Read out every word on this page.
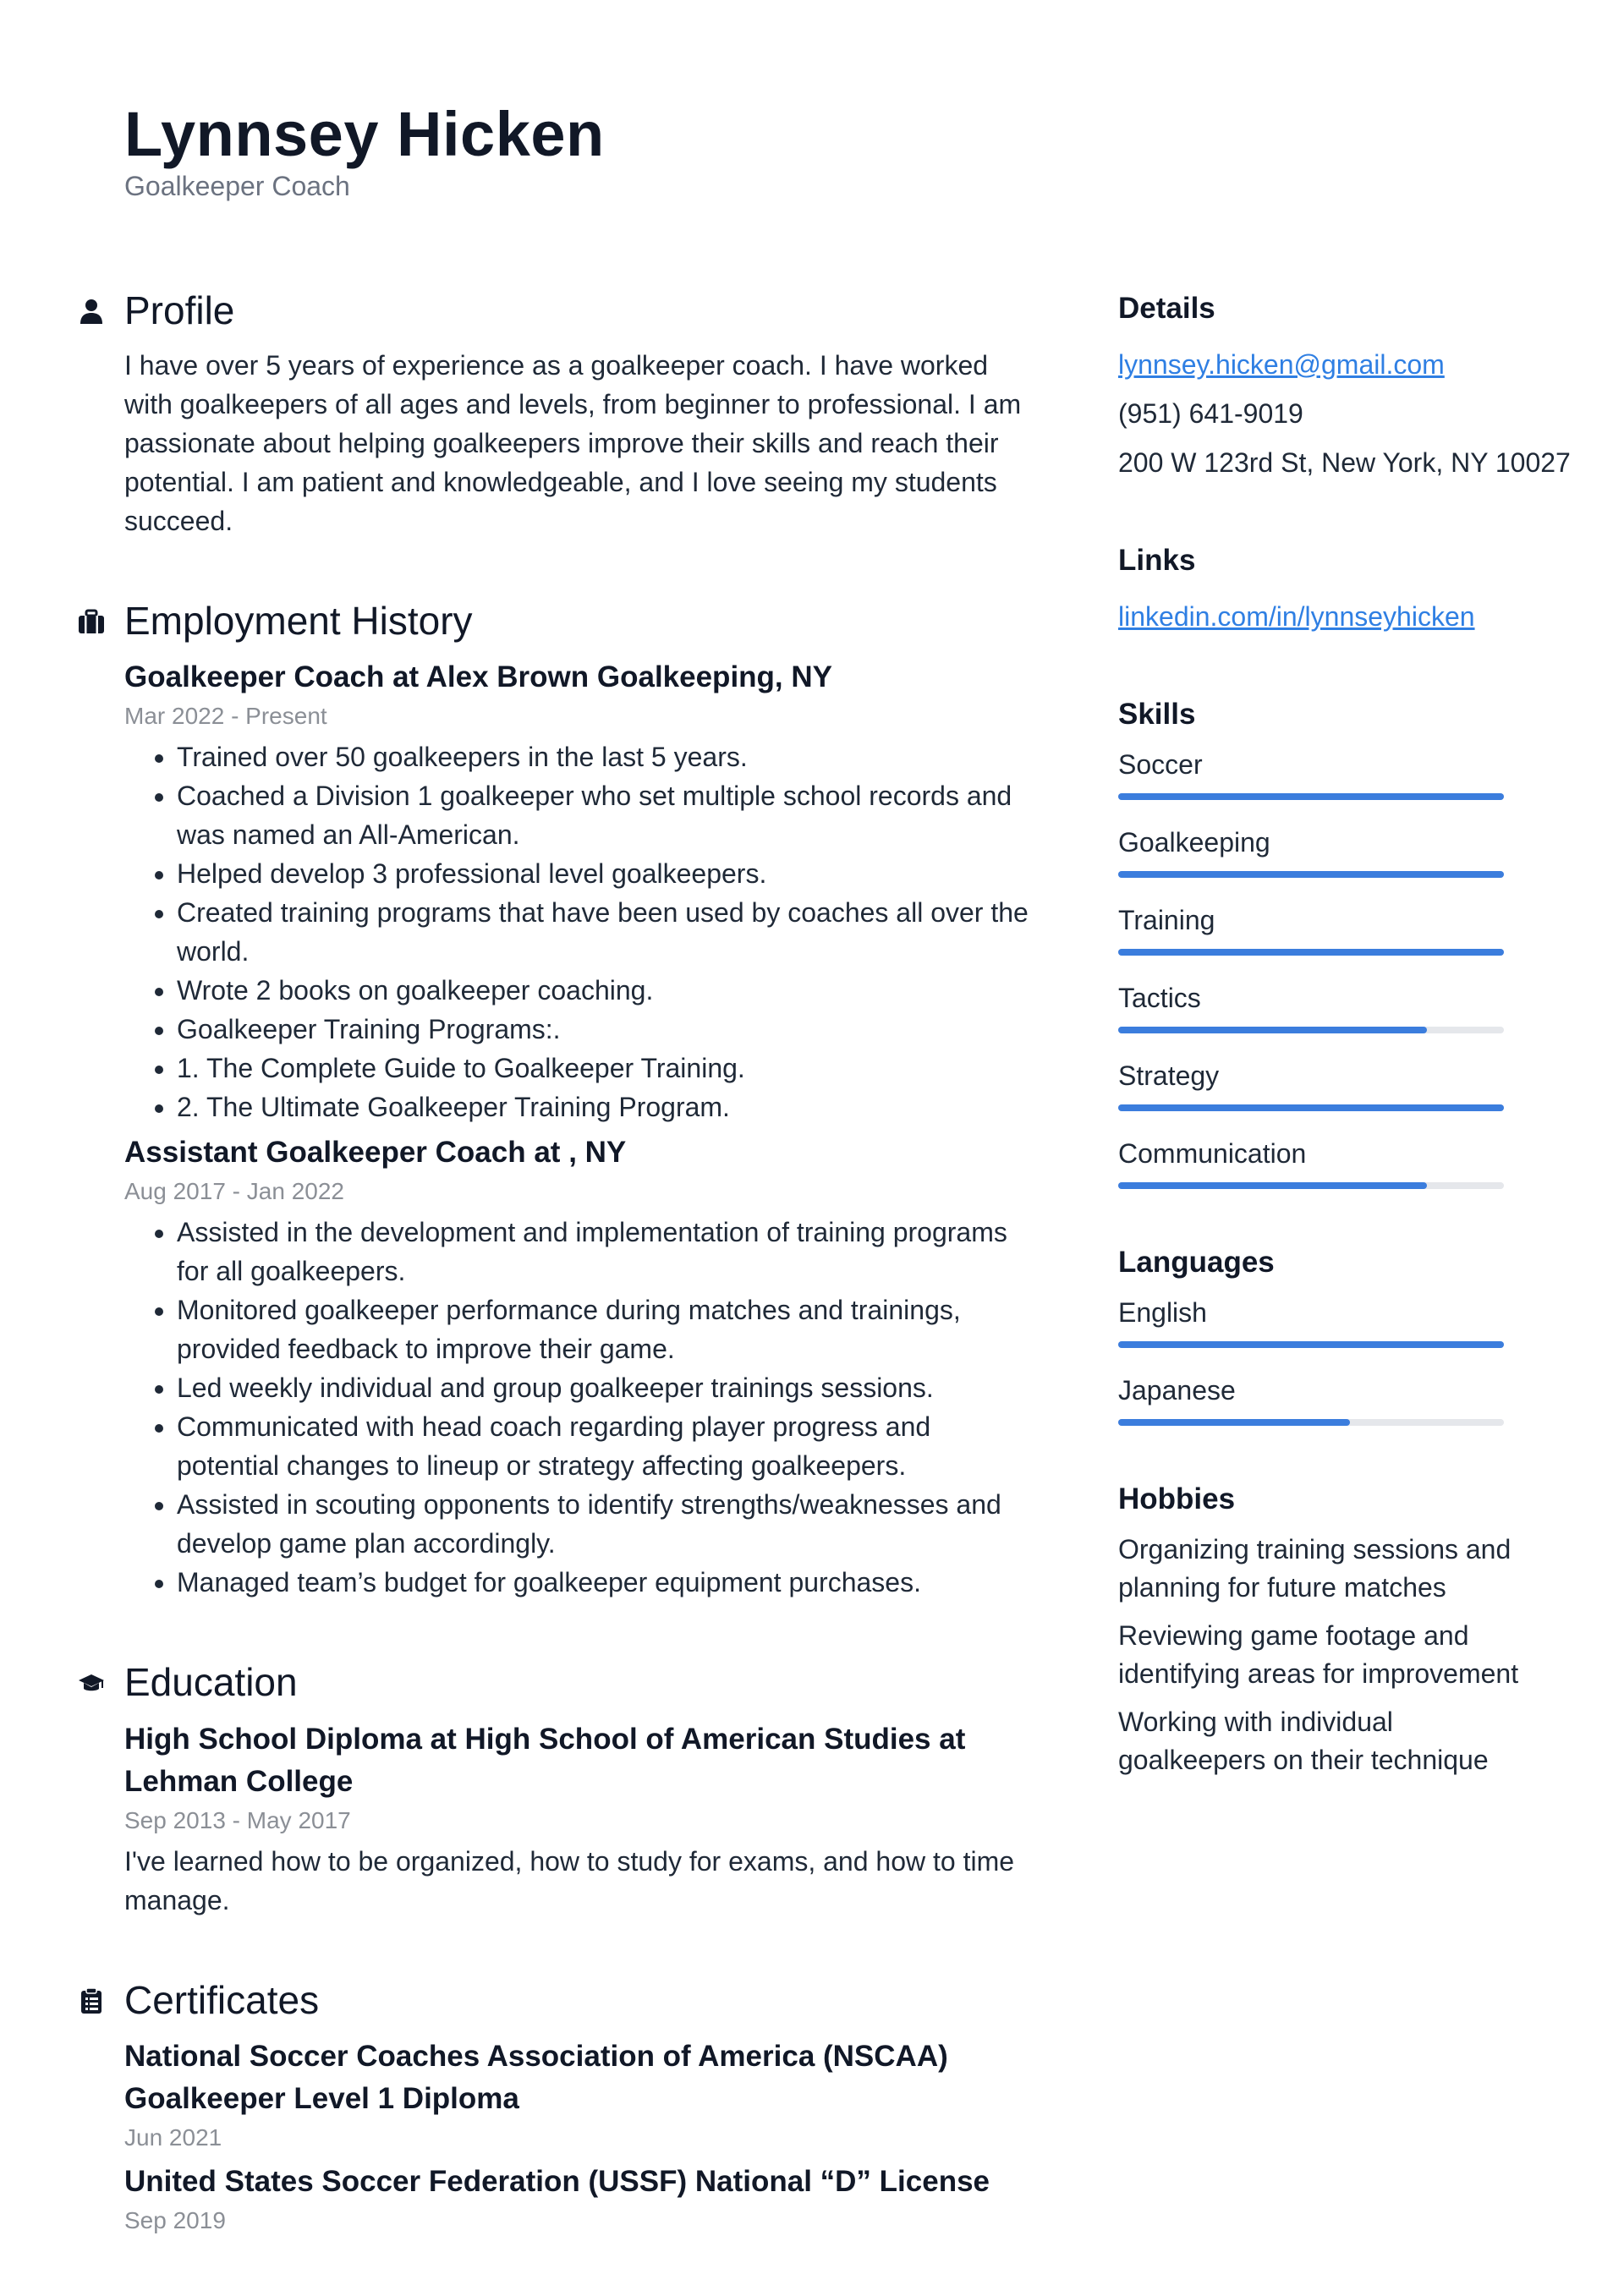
Lynnsey Hicken

Goalkeeper Coach

Profile

I have over 5 years of experience as a goalkeeper coach. I have worked with goalkeepers of all ages and levels, from beginner to professional. I am passionate about helping goalkeepers improve their skills and reach their potential. I am patient and knowledgeable, and I love seeing my students succeed.

Employment History

Goalkeeper Coach at Alex Brown Goalkeeping, NY

Mar 2022 - Present

• Trained over 50 goalkeepers in the last 5 years.
• Coached a Division 1 goalkeeper who set multiple school records and was named an All-American.
• Helped develop 3 professional level goalkeepers.
• Created training programs that have been used by coaches all over the world.
• Wrote 2 books on goalkeeper coaching.
• Goalkeeper Training Programs:.
• 1. The Complete Guide to Goalkeeper Training.
• 2. The Ultimate Goalkeeper Training Program.

Assistant Goalkeeper Coach at , NY

Aug 2017 - Jan 2022

• Assisted in the development and implementation of training programs for all goalkeepers.
• Monitored goalkeeper performance during matches and trainings, provided feedback to improve their game.
• Led weekly individual and group goalkeeper trainings sessions.
• Communicated with head coach regarding player progress and potential changes to lineup or strategy affecting goalkeepers.
• Assisted in scouting opponents to identify strengths/weaknesses and develop game plan accordingly.
• Managed team’s budget for goalkeeper equipment purchases.
Education

High School Diploma at High School of American Studies at Lehman College

Sep 2013 - May 2017

I've learned how to be organized, how to study for exams, and how to time manage.

Certificates

National Soccer Coaches Association of America (NSCAA) Goalkeeper Level 1 Diploma

Jun 2021

United States Soccer Federation (USSF) National “D” License

Sep 2019

Details

lynnsey.hicken@gmail.com

(951) 641-9019

200 W 123rd St, New York, NY 10027

Links

linkedin.com/in/lynnseyhicken

Skills

Soccer

Goalkeeping

Training

Tactics

Strategy

Communication

Languages

English

Japanese

Hobbies

Organizing training sessions and planning for future matches

Reviewing game footage and identifying areas for improvement

Working with individual goalkeepers on their technique
